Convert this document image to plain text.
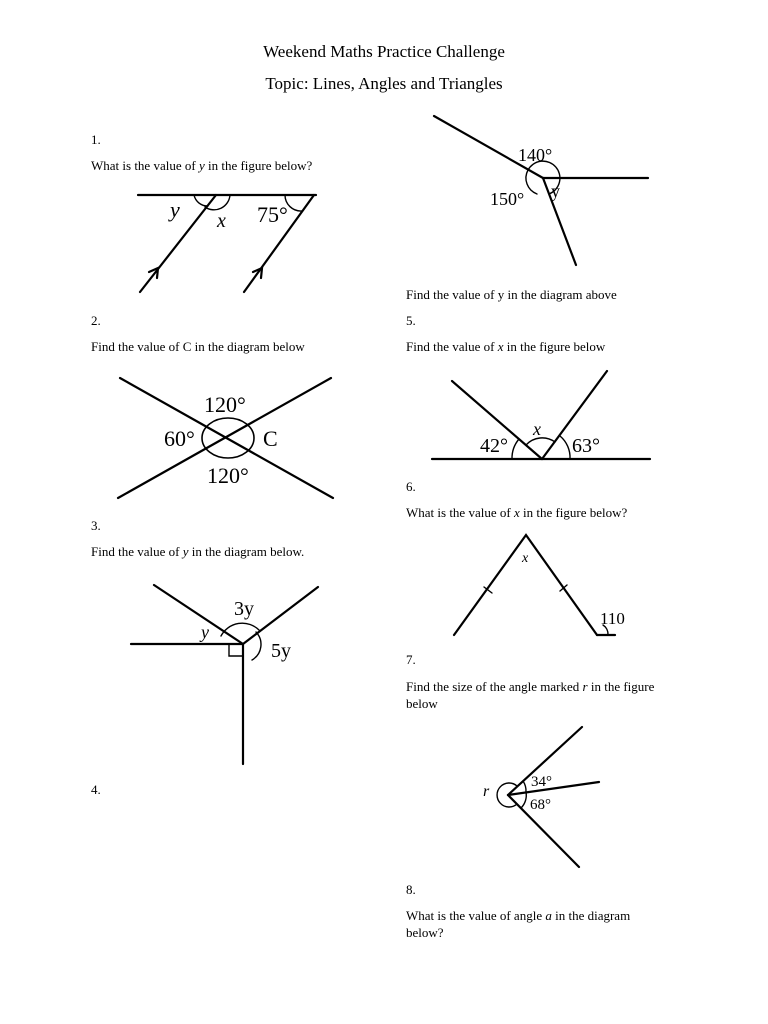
Weekend Maths Practice Challenge
Topic: Lines, Angles and Triangles
1.
What is the value of y in the figure below?
y x 75°
2.
Find the value of C in the diagram below
120°
60°	C
120°
3.
Find the value of y in the diagram below.
y
3y
5y
4.
140°
150° y
Find the value of y in the diagram above
5.
Find the value of x in the figure below
x
42°	63°
6.
What is the value of x in the figure below?
x
110
7.
Find the size of the angle marked r in the figure below
r
34°
68°
8.
What is the value of angle a in the diagram below?
